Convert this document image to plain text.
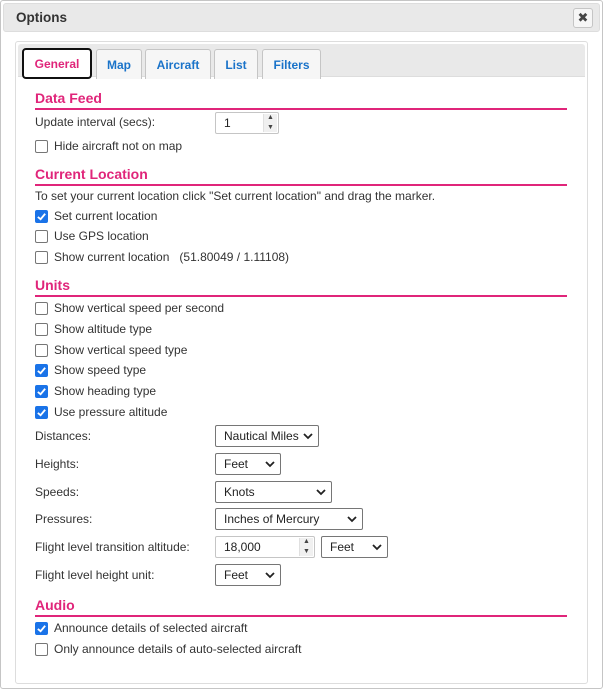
Options	✖
General	Map	Aircraft	List	Filters
Data Feed
Update interval (secs):	1	▲
▼
Hide aircraft not on map
Current Location
To set your current location click "Set current location" and drag the marker.
Set current location
Use GPS location
Show current location (51.80049 / 1.11108)
Units
Show vertical speed per second
Show altitude type
Show vertical speed type
Show speed type
Show heading type
Use pressure altitude
Distances:	Nautical Miles
Heights:	Feet
Speeds:	Knots
Pressures:	Inches of Mercury
Flight level transition altitude:	18,000	▲
▼ Feet
Flight level height unit:	Feet
Audio
Announce details of selected aircraft
Only announce details of auto-selected aircraft
